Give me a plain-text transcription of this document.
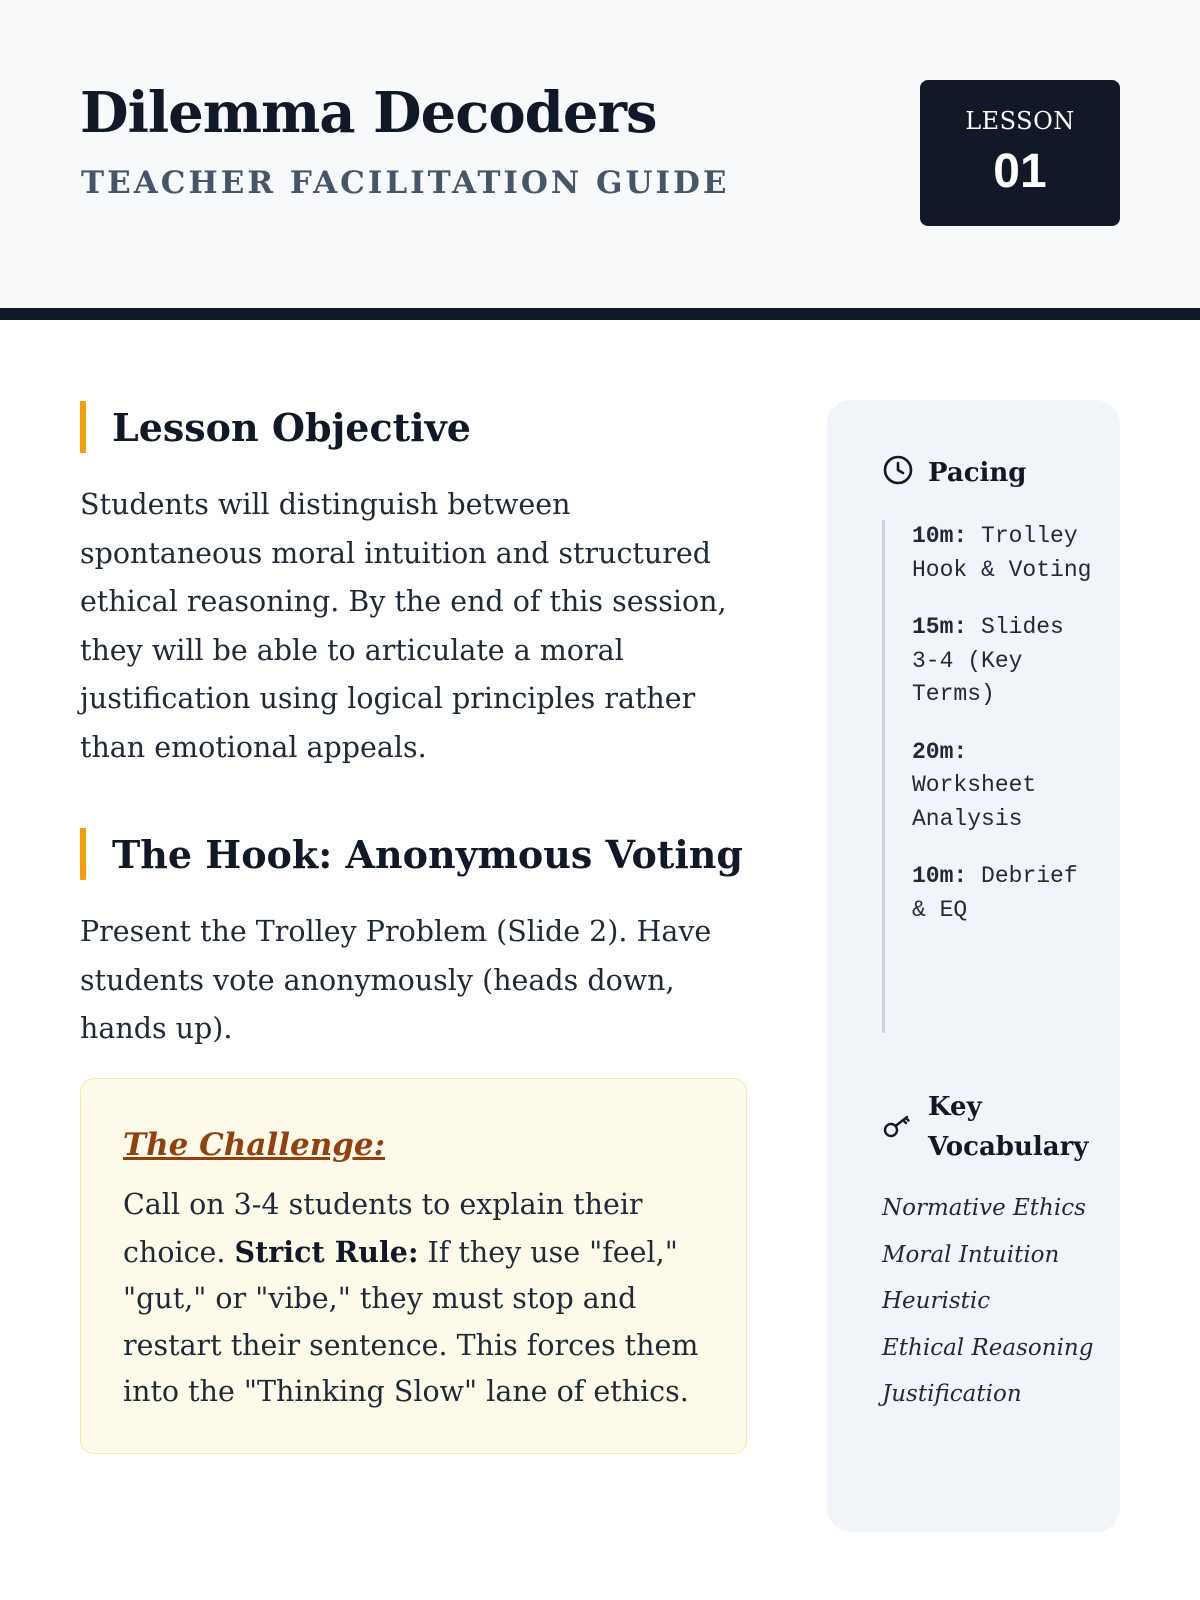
Dilemma Decoders
TEACHER FACILITATION GUIDE
LESSON
01
Lesson Objective
Students will distinguish between spontaneous moral intuition and structured ethical reasoning. By the end of this session, they will be able to articulate a moral justification using logical principles rather than emotional appeals.
The Hook: Anonymous Voting
Present the Trolley Problem (Slide 2). Have students vote anonymously (heads down, hands up).
The Challenge:
Call on 3-4 students to explain their choice. Strict Rule: If they use "feel," "gut," or "vibe," they must stop and restart their sentence. This forces them into the "Thinking Slow" lane of ethics.
Pacing
10m: Trolley Hook & Voting
15m: Slides 3-4 (Key Terms)
20m: Worksheet Analysis
10m: Debrief & EQ
Key Vocabulary
Normative Ethics
Moral Intuition
Heuristic
Ethical Reasoning
Justification
